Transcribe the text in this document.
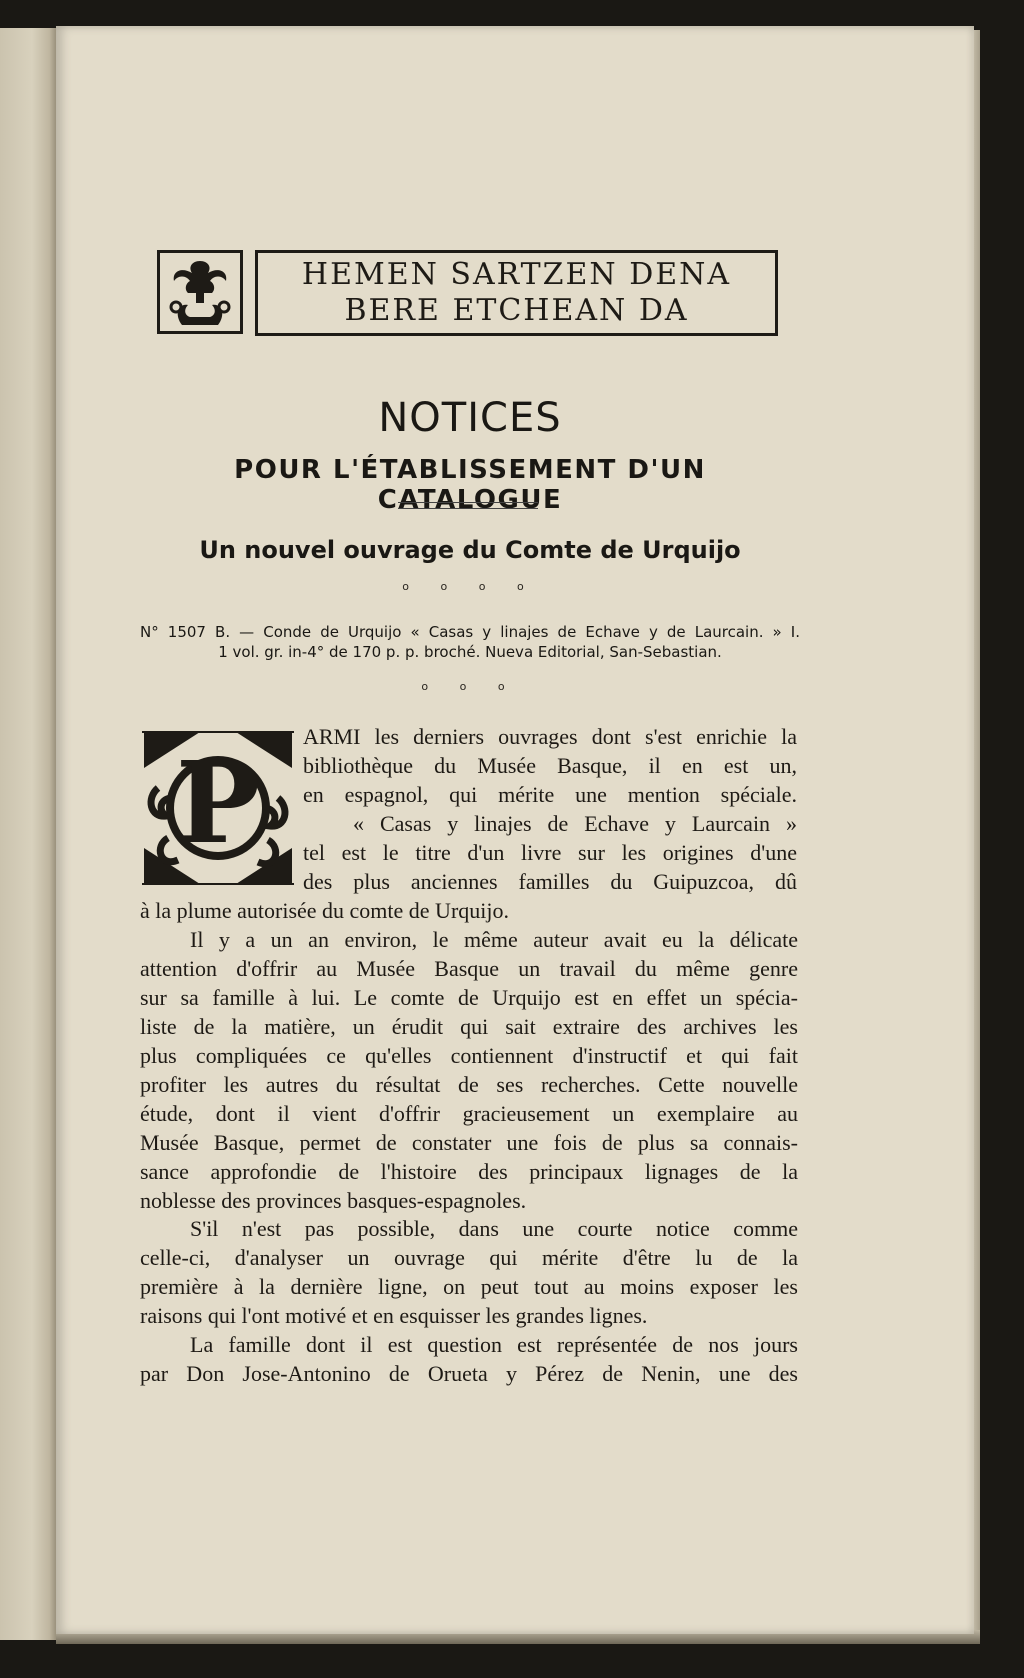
HEMEN SARTZEN DENA
BERE ETCHEAN DA
NOTICES
POUR L'ÉTABLISSEMENT D'UN CATALOGUE
Un nouvel ouvrage du Comte de Urquijo
o o o o
N° 1507 B. — Conde de Urquijo « Casas y linajes de Echave y de Laurcain. » I.
1 vol. gr. in-4° de 170 p. p. broché. Nueva Editorial, San-Sebastian.
o o o
P
ARMI les derniers ouvrages dont s'est enrichie la
bibliothèque du Musée Basque, il en est un,
en espagnol, qui mérite une mention spéciale.
« Casas y linajes de Echave y Laurcain »
tel est le titre d'un livre sur les origines d'une
des plus anciennes familles du Guipuzcoa, dû
à la plume autorisée du comte de Urquijo.
Il y a un an environ, le même auteur avait eu la délicate
attention d'offrir au Musée Basque un travail du même genre
sur sa famille à lui. Le comte de Urquijo est en effet un spécia-
liste de la matière, un érudit qui sait extraire des archives les
plus compliquées ce qu'elles contiennent d'instructif et qui fait
profiter les autres du résultat de ses recherches. Cette nouvelle
étude, dont il vient d'offrir gracieusement un exemplaire au
Musée Basque, permet de constater une fois de plus sa connais-
sance approfondie de l'histoire des principaux lignages de la
noblesse des provinces basques-espagnoles.
S'il n'est pas possible, dans une courte notice comme
celle-ci, d'analyser un ouvrage qui mérite d'être lu de la
première à la dernière ligne, on peut tout au moins exposer les
raisons qui l'ont motivé et en esquisser les grandes lignes.
La famille dont il est question est représentée de nos jours
par Don Jose-Antonino de Orueta y Pérez de Nenin, une des
